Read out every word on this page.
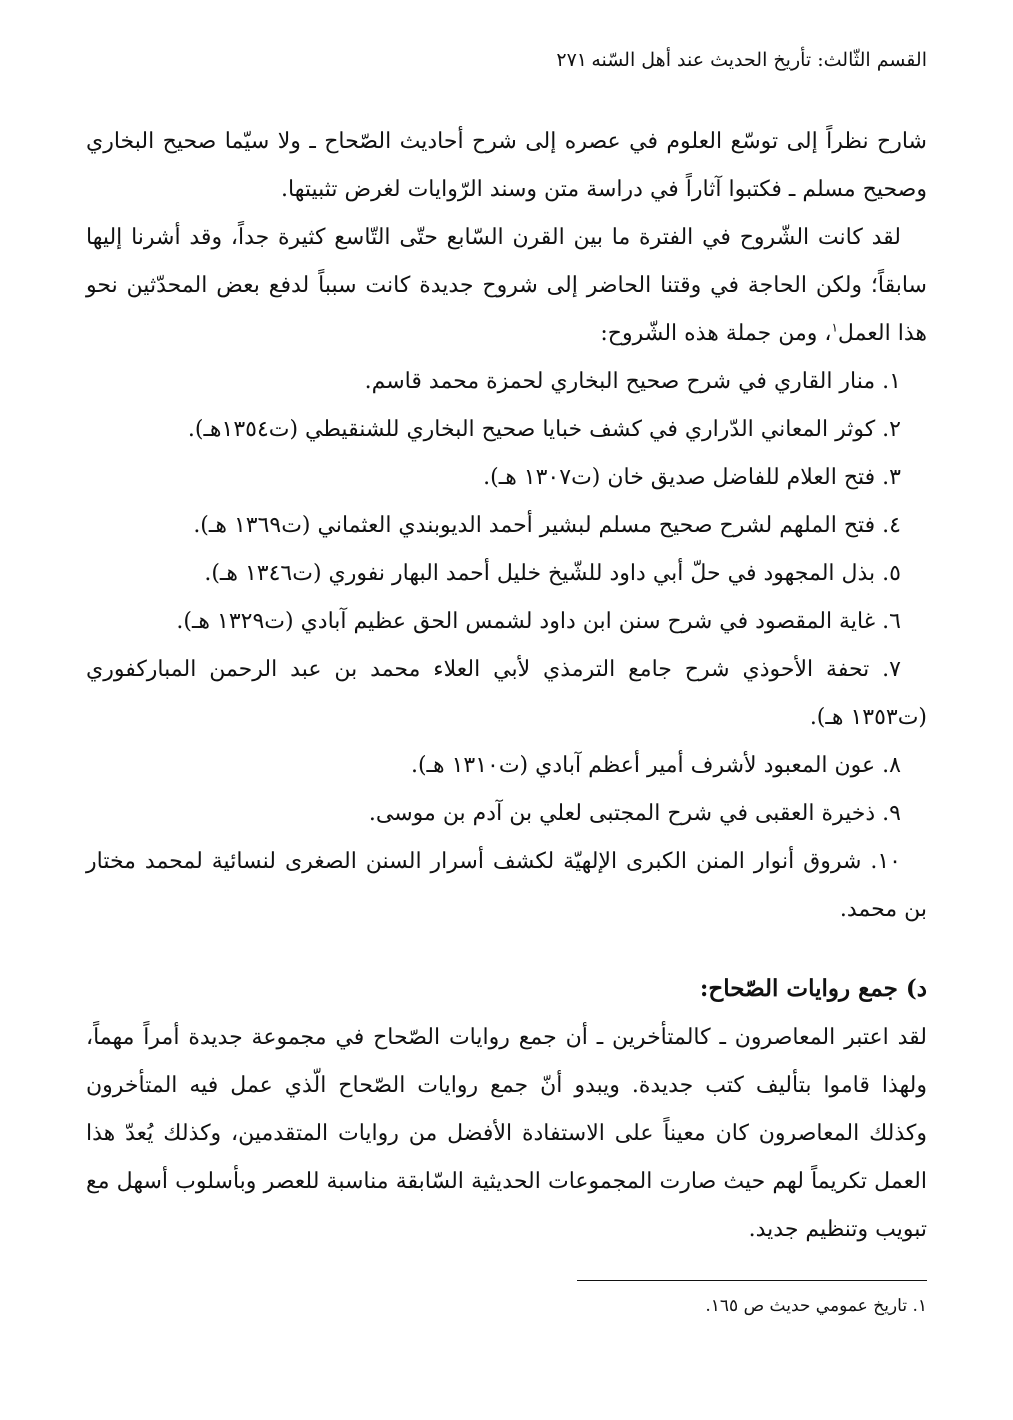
القسم الثّالث: تأريخ الحديث عند أهل السّنه
٢٧١

شارح نظراً إلى توسّع العلوم في عصره إلى شرح أحاديث الصّحاح ـ ولا سيّما صحيح البخاري وصحيح مسلم ـ فكتبوا آثاراً في دراسة متن وسند الرّوايات لغرض تثبيتها.

لقد كانت الشّروح في الفترة ما بين القرن السّابع حتّى التّاسع كثيرة جداً، وقد أشرنا إليها سابقاً؛ ولكن الحاجة في وقتنا الحاضر إلى شروح جديدة كانت سبباً لدفع بعض المحدّثين نحو هذا العمل$^١$، ومن جملة هذه الشّروح:

١. منار القاري في شرح صحيح البخاري لحمزة محمد قاسم.
٢. كوثر المعاني الدّراري في كشف خبايا صحيح البخاري للشنقيطي (ت١٣٥٤هـ).
٣. فتح العلام للفاضل صديق خان (ت١٣٠٧ هـ).
٤. فتح الملهم لشرح صحيح مسلم لبشير أحمد الديوبندي العثماني (ت١٣٦٩ هـ).
٥. بذل المجهود في حلّ أبي داود للشّيخ خليل أحمد البهار نفوري (ت١٣٤٦ هـ).
٦. غاية المقصود في شرح سنن ابن داود لشمس الحق عظيم آبادي (ت١٣٢٩ هـ).
٧. تحفة الأحوذي شرح جامع الترمذي لأبي العلاء محمد بن عبد الرحمن المباركفوري (ت١٣٥٣ هـ).
٨. عون المعبود لأشرف أمير أعظم آبادي (ت١٣١٠ هـ).
٩. ذخيرة العقبى في شرح المجتبى لعلي بن آدم بن موسى.
١٠. شروق أنوار المنن الكبرى الإلهيّة لكشف أسرار السنن الصغرى لنسائية لمحمد مختار بن محمد.
د) جمع روايات الصّحاح:

لقد اعتبر المعاصرون ـ كالمتأخرين ـ أن جمع روايات الصّحاح في مجموعة جديدة أمراً مهماً، ولهذا قاموا بتأليف كتب جديدة. ويبدو أنّ جمع روايات الصّحاح الّذي عمل فيه المتأخرون وكذلك المعاصرون كان معيناً على الاستفادة الأفضل من روايات المتقدمين، وكذلك يُعدّ هذا العمل تكريماً لهم حيث صارت المجموعات الحديثية السّابقة مناسبة للعصر وبأسلوب أسهل مع تبويب وتنظيم جديد.

١. تاريخ عمومي حديث ص ١٦٥.
